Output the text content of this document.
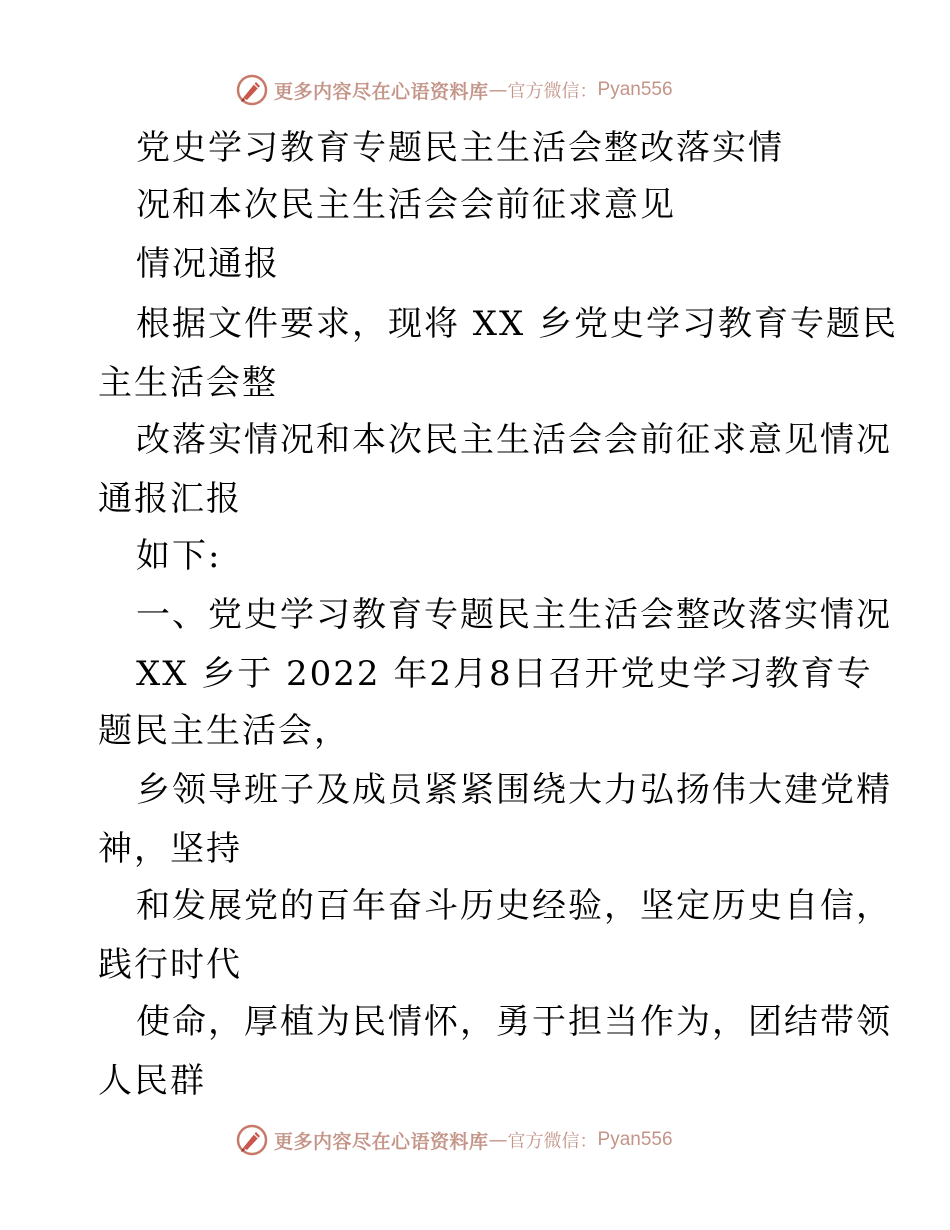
更多内容尽在心语资料库 — 官方微信： Pyan556

党史学习教育专题民主生活会整改落实情

况和本次民主生活会会前征求意见

情况通报

根据文件要求，现将 XX 乡党史学习教育专题民

主生活会整

改落实情况和本次民主生活会会前征求意见情况

通报汇报

如下:

一、党史学习教育专题民主生活会整改落实情况

XX 乡于 2022 年2月8日召开党史学习教育专

题民主生活会，

乡领导班子及成员紧紧围绕大力弘扬伟大建党精

神，坚持

和发展党的百年奋斗历史经验，坚定历史自信，

践行时代

使命，厚植为民情怀，勇于担当作为，团结带领

人民群

更多内容尽在心语资料库 — 官方微信： Pyan556
